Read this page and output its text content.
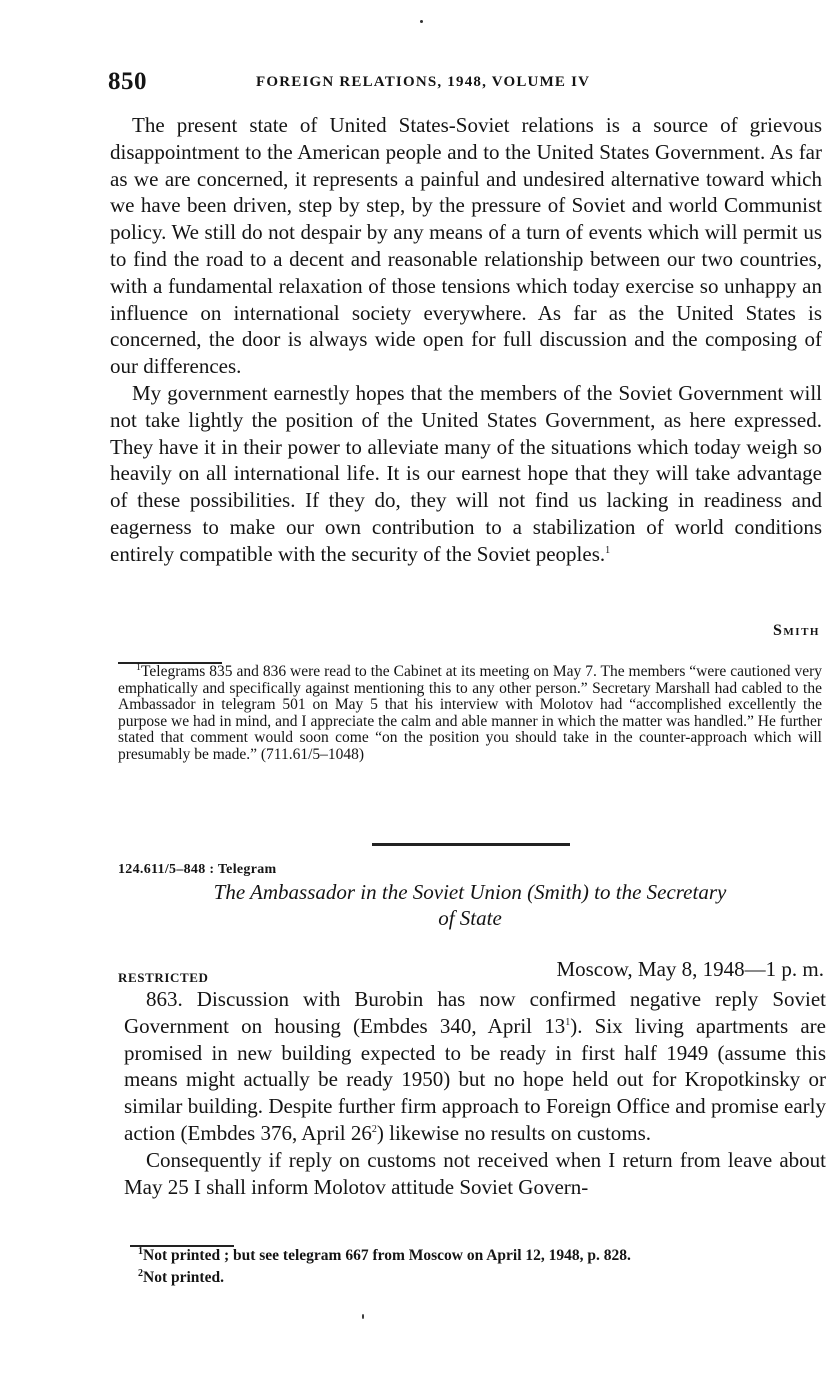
850	FOREIGN RELATIONS, 1948, VOLUME IV

The present state of United States-Soviet relations is a source of grievous disappointment to the American people and to the United States Government. As far as we are concerned, it represents a painful and undesired alternative toward which we have been driven, step by step, by the pressure of Soviet and world Communist policy. We still do not despair by any means of a turn of events which will permit us to find the road to a decent and reasonable relationship between our two countries, with a fundamental relaxation of those tensions which today exercise so unhappy an influence on international society everywhere. As far as the United States is concerned, the door is always wide open for full discussion and the composing of our differences.

My government earnestly hopes that the members of the Soviet Government will not take lightly the position of the United States Government, as here expressed. They have it in their power to alleviate many of the situations which today weigh so heavily on all international life. It is our earnest hope that they will take advantage of these possibilities. If they do, they will not find us lacking in readiness and eagerness to make our own contribution to a stabilization of world conditions entirely compatible with the security of the Soviet peoples.$^1$

Smith

$^1$Telegrams 835 and 836 were read to the Cabinet at its meeting on May 7. The members “were cautioned very emphatically and specifically against mentioning this to any other person.” Secretary Marshall had cabled to the Ambassador in telegram 501 on May 5 that his interview with Molotov had “accomplished excellently the purpose we had in mind, and I appreciate the calm and able manner in which the matter was handled.” He further stated that comment would soon come “on the position you should take in the counter-approach which will presumably be made.” (711.61/5–1048)

124.611/5–848 : Telegram
The Ambassador in the Soviet Union (Smith) to the Secretary
of State
RESTRICTED	Moscow, May 8, 1948—1 p. m.

863. Discussion with Burobin has now confirmed negative reply Soviet Government on housing (Embdes 340, April $13^1$). Six living apartments are promised in new building expected to be ready in first half 1949 (assume this means might actually be ready 1950) but no hope held out for Kropotkinsky or similar building. Despite further firm approach to Foreign Office and promise early action (Embdes 376, April $26^2$) likewise no results on customs.

Consequently if reply on customs not received when I return from leave about May 25 I shall inform Molotov attitude Soviet Govern-

$^1$Not printed ; but see telegram 667 from Moscow on April 12, 1948, p. 828.

$^2$Not printed.
